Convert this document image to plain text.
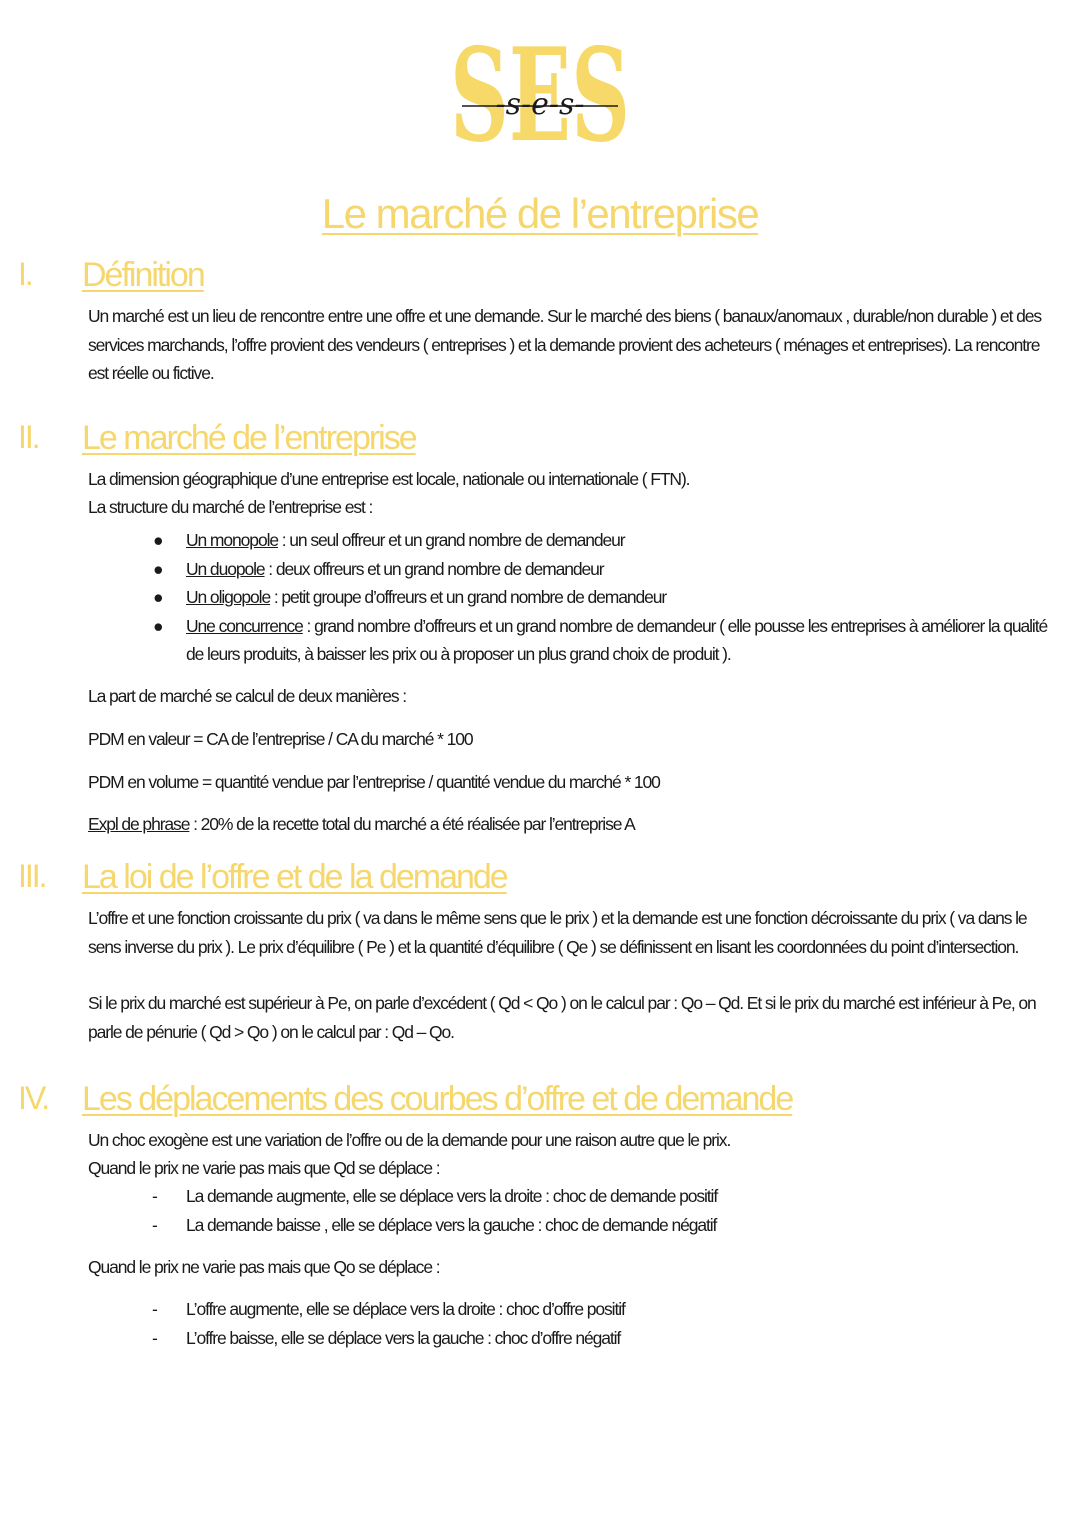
SES
-s-e-s-
Le marché de l’entreprise
I.	Définition

Un marché est un lieu de rencontre entre une offre et une demande. Sur le marché des biens ( banaux/anomaux , durable/non durable ) et des services marchands, l’offre provient des vendeurs ( entreprises ) et la demande provient des acheteurs ( ménages et entreprises). La rencontre est réelle ou fictive.

II.	Le marché de l’entreprise
La dimension géographique d’une entreprise est locale, nationale ou internationale ( FTN).
La structure du marché de l’entreprise est :
● Un monopole : un seul offreur et un grand nombre de demandeur
● Un duopole : deux offreurs et un grand nombre de demandeur
● Un oligopole : petit groupe d’offreurs et un grand nombre de demandeur
● Une concurrence : grand nombre d’offreurs et un grand nombre de demandeur ( elle pousse les entreprises à améliorer la qualité de leurs produits, à baisser les prix ou à proposer un plus grand choix de produit ).
La part de marché se calcul de deux manières :
PDM en valeur = CA de l’entreprise / CA du marché * 100
PDM en volume = quantité vendue par l’entreprise / quantité vendue du marché * 100
Expl de phrase : 20% de la recette total du marché a été réalisée par l’entreprise A
III.	La loi de l’offre et de la demande

L’offre et une fonction croissante du prix ( va dans le même sens que le prix ) et la demande est une fonction décroissante du prix ( va dans le sens inverse du prix ). Le prix d’équilibre ( Pe ) et la quantité d’équilibre ( Qe ) se définissent en lisant les coordonnées du point d’intersection.

Si le prix du marché est supérieur à Pe, on parle d’excédent ( Qd < Qo ) on le calcul par : Qo – Qd. Et si le prix du marché est inférieur à Pe, on parle de pénurie ( Qd > Qo ) on le calcul par : Qd – Qo.

IV. Les déplacements des courbes d’offre et de demande
Un choc exogène est une variation de l’offre ou de la demande pour une raison autre que le prix.
Quand le prix ne varie pas mais que Qd se déplace :
- La demande augmente, elle se déplace vers la droite : choc de demande positif
- La demande baisse , elle se déplace vers la gauche : choc de demande négatif
Quand le prix ne varie pas mais que Qo se déplace :
- L’offre augmente, elle se déplace vers la droite : choc d’offre positif
- L’offre baisse, elle se déplace vers la gauche : choc d’offre négatif
